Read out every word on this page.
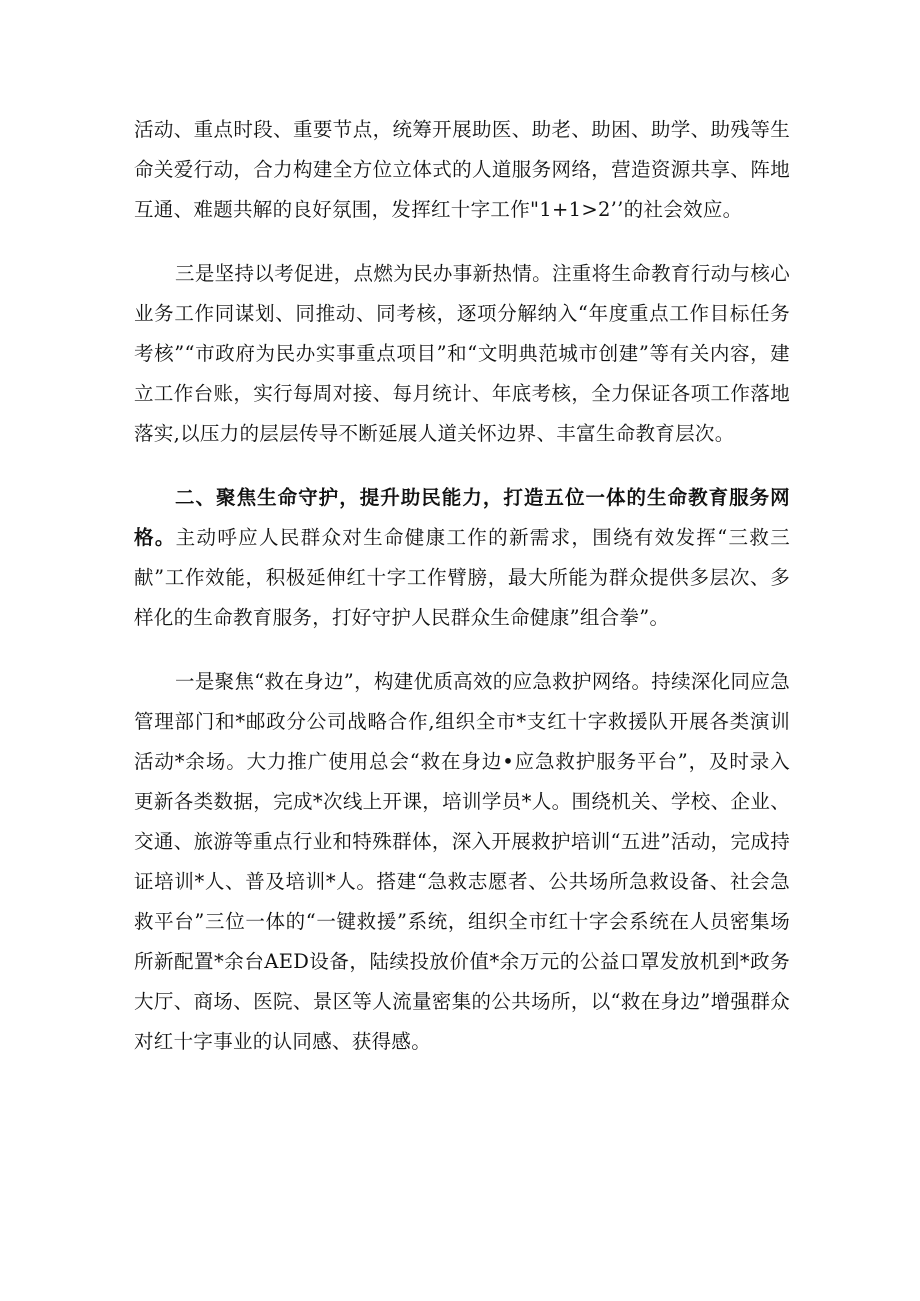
活动、重点时段、重要节点，统筹开展助医、助老、助困、助学、助残等生命关爱行动，合力构建全方位立体式的人道服务网络，营造资源共享、阵地互通、难题共解的良好氛围，发挥红十字工作"1+1>2’’的社会效应。

三是坚持以考促进，点燃为民办事新热情。注重将生命教育行动与核心业务工作同谋划、同推动、同考核，逐项分解纳入“年度重点工作目标任务考核”“市政府为民办实事重点项目”和“文明典范城市创建”等有关内容，建立工作台账，实行每周对接、每月统计、年底考核，全力保证各项工作落地落实,以压力的层层传导不断延展人道关怀边界、丰富生命教育层次。

二、聚焦生命守护，提升助民能力，打造五位一体的生命教育服务网格。主动呼应人民群众对生命健康工作的新需求，围绕有效发挥“三救三献”工作效能，积极延伸红十字工作臂膀，最大所能为群众提供多层次、多样化的生命教育服务，打好守护人民群众生命健康”组合拳”。

一是聚焦“救在身边”，构建优质高效的应急救护网络。持续深化同应急管理部门和*邮政分公司战略合作,组织全市*支红十字救援队开展各类演训活动*余场。大力推广使用总会“救在身边•应急救护服务平台”，及时录入更新各类数据，完成*次线上开课，培训学员*人。围绕机关、学校、企业、交通、旅游等重点行业和特殊群体，深入开展救护培训“五进”活动，完成持证培训*人、普及培训*人。搭建“急救志愿者、公共场所急救设备、社会急救平台”三位一体的“一键救援”系统，组织全市红十字会系统在人员密集场所新配置*余台AED设备，陆续投放价值*余万元的公益口罩发放机到*政务大厅、商场、医院、景区等人流量密集的公共场所，以“救在身边”增强群众对红十字事业的认同感、获得感。
